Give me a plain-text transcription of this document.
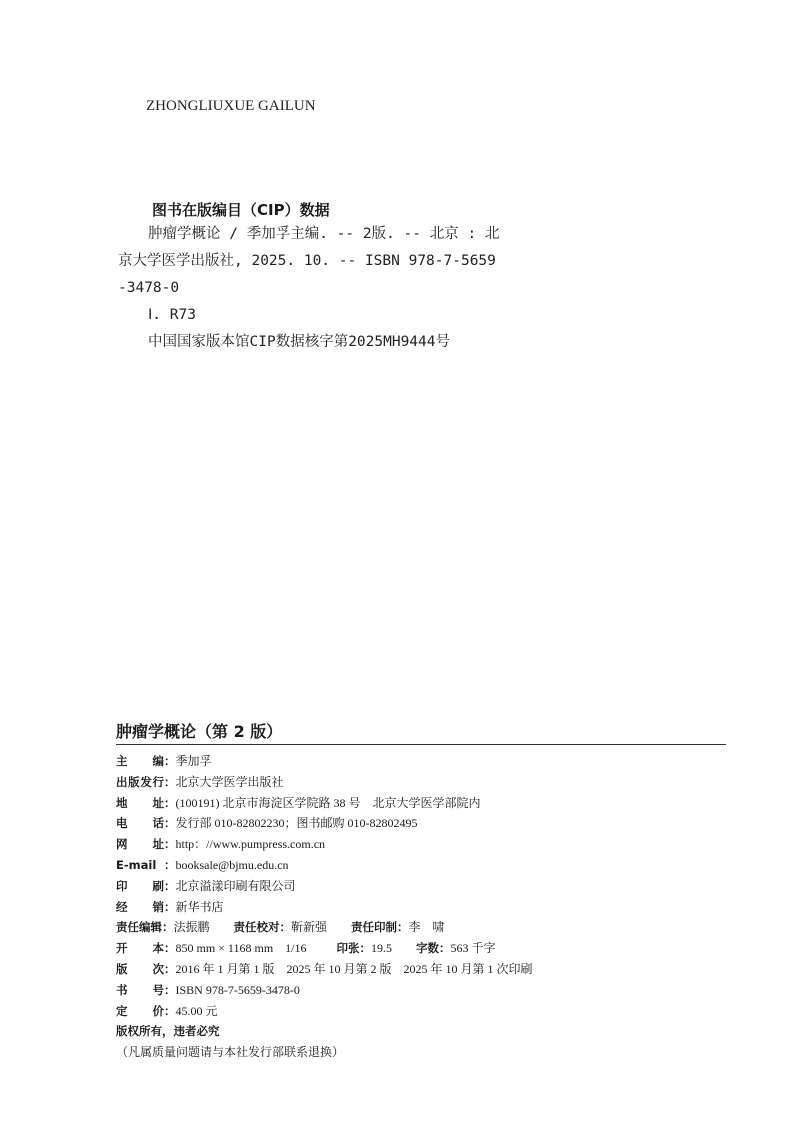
ZHONGLIUXUE GAILUN
图书在版编目（CIP）数据
肿瘤学概论 / 季加孚主编. -- 2版. -- 北京 : 北
京大学医学出版社, 2025. 10. -- ISBN 978-7-5659
-3478-0
Ⅰ. R73
中国国家版本馆CIP数据核字第2025MH9444号
肿瘤学概论（第 2 版）
主编 ： 季加孚
出版发行 ： 北京大学医学出版社
地址 ： (100191) 北京市海淀区学院路 38 号　北京大学医学部院内
电话 ： 发行部 010-82802230；图书邮购 010-82802495
网址 ： http：//www.pumpress.com.cn
E-mail ： booksale@bjmu.edu.cn
印刷 ： 北京溢漾印刷有限公司
经销 ： 新华书店
责任编辑 ： 法振鹏 责任校对 ： 靳新强 责任印制 ： 李　啸
开本 ： 850 mm × 1168 mm　1/16	印张 ： 19.5 字数 ： 563 千字
版次 ： 2016 年 1 月第 1 版　2025 年 10 月第 2 版　2025 年 10 月第 1 次印刷
书号 ： ISBN 978-7-5659-3478-0
定价 ： 45.00 元
版权所有，违者必究
（凡属质量问题请与本社发行部联系退换）
